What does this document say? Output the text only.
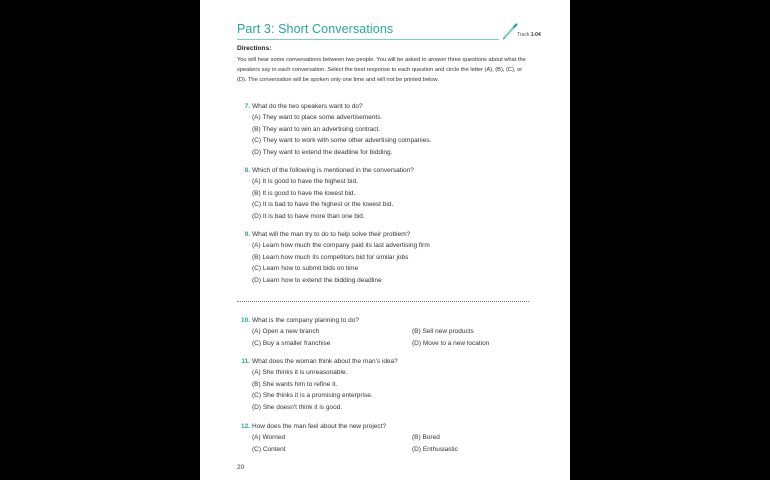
Part 3: Short Conversations	Track 1-04
Directions:
You will hear some conversations between two people. You will be asked to answer three questions about what the speakers say in each conversation. Select the best response to each question and circle the letter (A), (B), (C), or (D). The conversation will be spoken only one time and will not be printed below.
7. What do the two speakers want to do?
(A) They want to place some advertisements.
(B) They want to win an advertising contract.
(C) They want to work with some other advertising companies.
(D) They want to extend the deadline for bidding.
8. Which of the following is mentioned in the conversation?
(A) It is good to have the highest bid.
(B) It is good to have the lowest bid.
(C) It is bad to have the highest or the lowest bid.
(D) It is bad to have more than one bid.
9. What will the man try to do to help solve their problem?
(A) Learn how much the company paid its last advertising firm
(B) Learn how much its competitors bid for similar jobs
(C) Learn how to submit bids on time
(D) Learn how to extend the bidding deadline
10. What is the company planning to do?
(A) Open a new branch	(B) Sell new products
(C) Buy a smaller franchise	(D) Move to a new location
11. What does the woman think about the man's idea?
(A) She thinks it is unreasonable.
(B) She wants him to refine it.
(C) She thinks it is a promising enterprise.
(D) She doesn't think it is good.
12. How does the man feel about the new project?
(A) Worried	(B) Bored
(C) Content	(D) Enthusiastic
20
